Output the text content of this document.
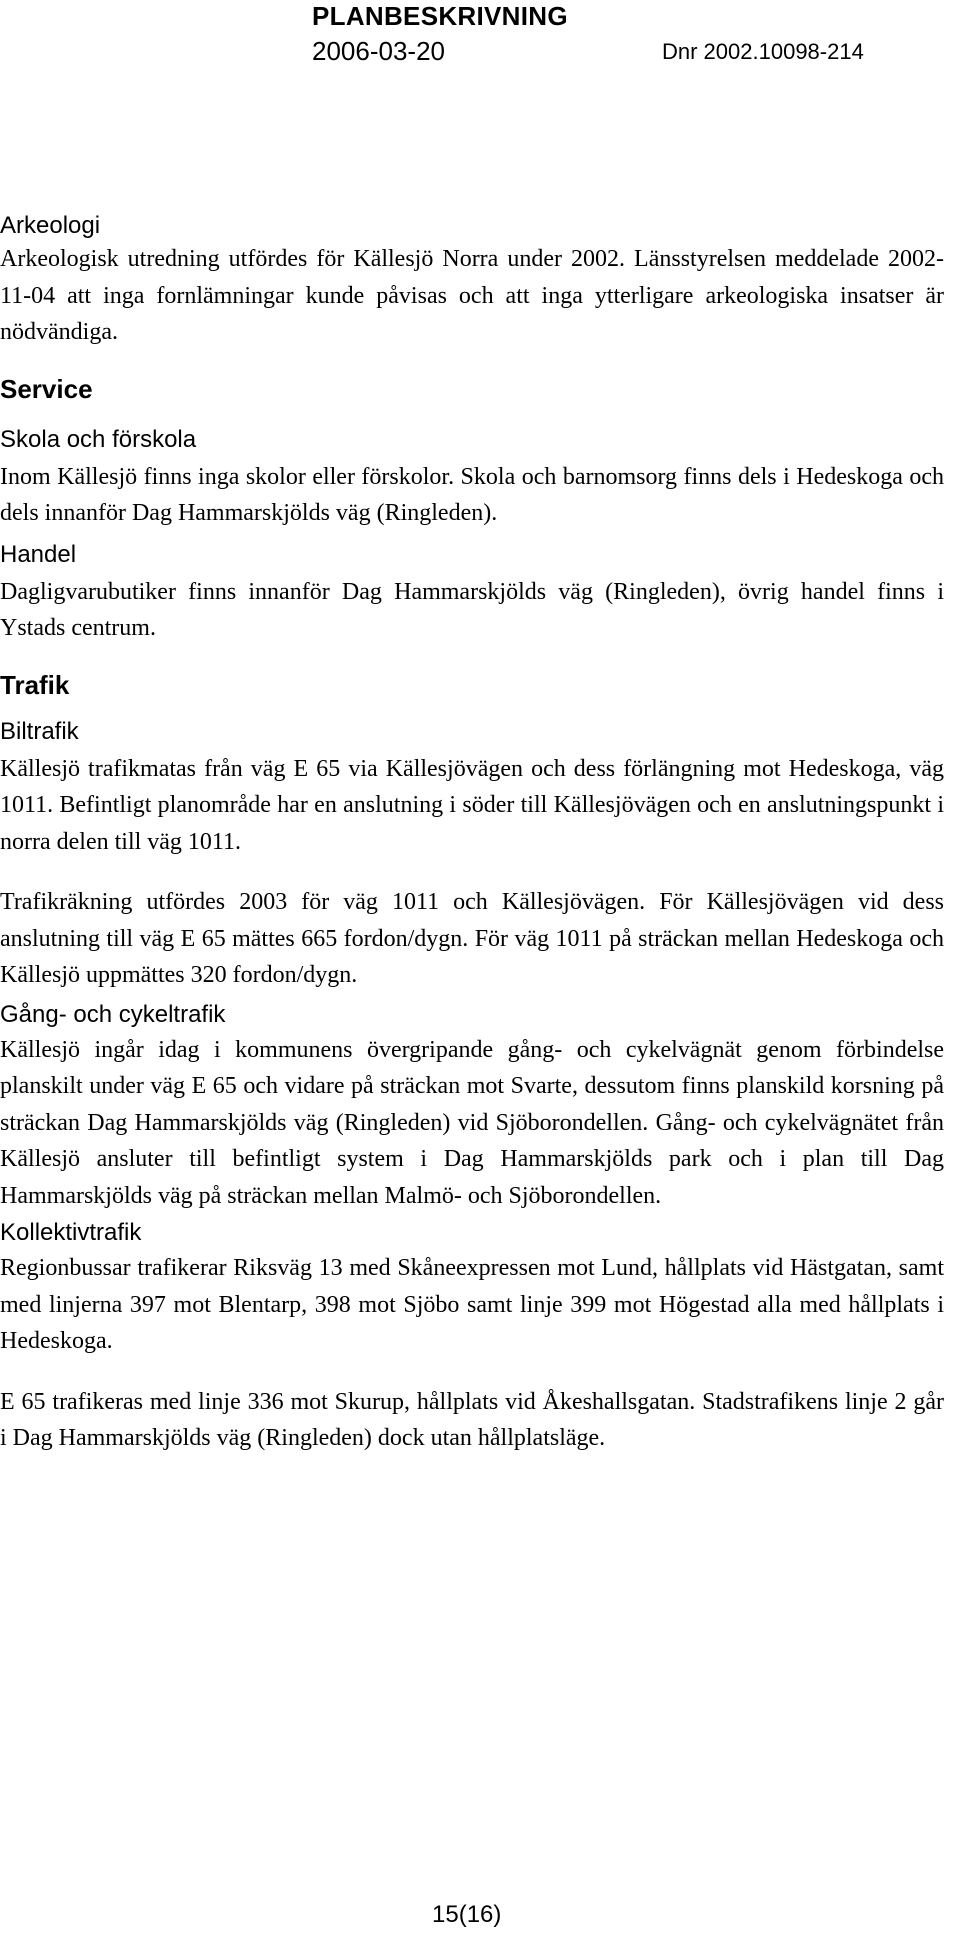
PLANBESKRIVNING
2006-03-20	Dnr 2002.10098-214
Arkeologi

Arkeologisk utredning utfördes för Källesjö Norra under 2002. Länsstyrelsen meddelade 2002-11-04 att inga fornlämningar kunde påvisas och att inga ytterligare arkeologiska insatser är nödvändiga.

Service
Skola och förskola

Inom Källesjö finns inga skolor eller förskolor. Skola och barnomsorg finns dels i Hedeskoga och dels innanför Dag Hammarskjölds väg (Ringleden).

Handel

Dagligvarubutiker finns innanför Dag Hammarskjölds väg (Ringleden), övrig handel finns i Ystads centrum.

Trafik
Biltrafik

Källesjö trafikmatas från väg E 65 via Källesjövägen och dess förlängning mot Hedeskoga, väg 1011. Befintligt planområde har en anslutning i söder till Källesjövägen och en anslutningspunkt i norra delen till väg 1011.

Trafikräkning utfördes 2003 för väg 1011 och Källesjövägen. För Källesjövägen vid dess anslutning till väg E 65 mättes 665 fordon/dygn. För väg 1011 på sträckan mellan Hedeskoga och Källesjö uppmättes 320 fordon/dygn.

Gång- och cykeltrafik

Källesjö ingår idag i kommunens övergripande gång- och cykelvägnät genom förbindelse planskilt under väg E 65 och vidare på sträckan mot Svarte, dessutom finns planskild korsning på sträckan Dag Hammarskjölds väg (Ringleden) vid Sjöborondellen. Gång- och cykelvägnätet från Källesjö ansluter till befintligt system i Dag Hammarskjölds park och i plan till Dag Hammarskjölds väg på sträckan mellan Malmö- och Sjöborondellen.

Kollektivtrafik

Regionbussar trafikerar Riksväg 13 med Skåneexpressen mot Lund, hållplats vid Hästgatan, samt med linjerna 397 mot Blentarp, 398 mot Sjöbo samt linje 399 mot Högestad alla med hållplats i Hedeskoga.

E 65 trafikeras med linje 336 mot Skurup, hållplats vid Åkeshallsgatan. Stadstrafikens linje 2 går i Dag Hammarskjölds väg (Ringleden) dock utan hållplatsläge.

15(16)
